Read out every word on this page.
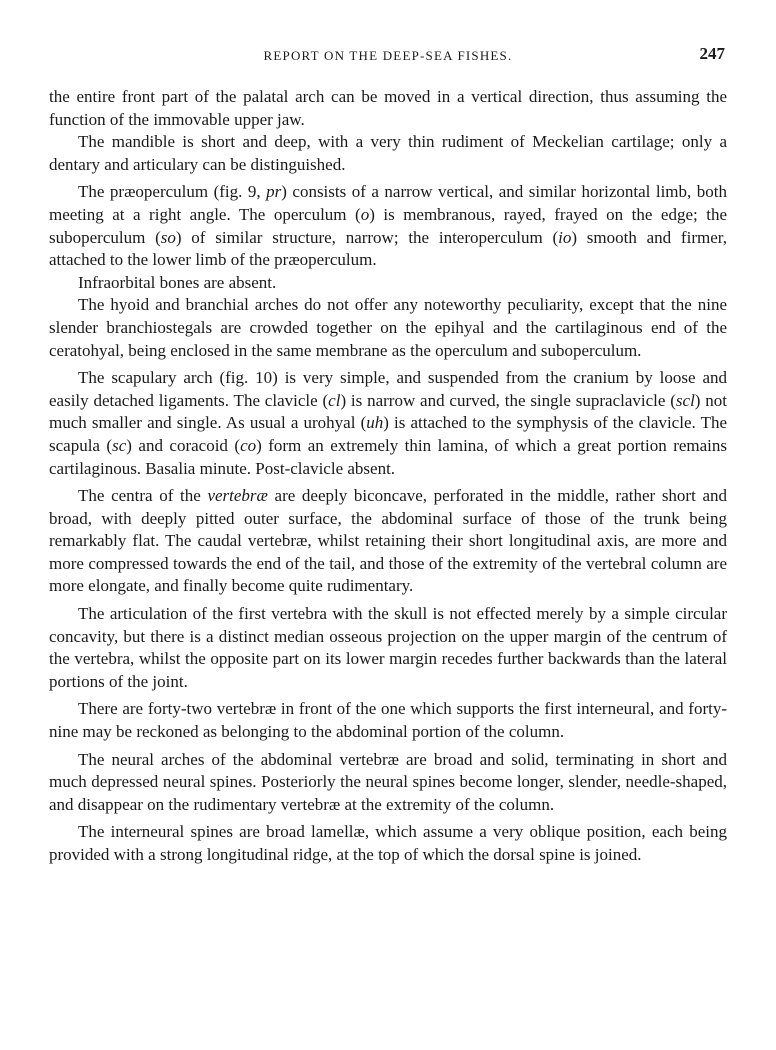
REPORT ON THE DEEP-SEA FISHES.	247

the entire front part of the palatal arch can be moved in a vertical direction, thus assuming the function of the immovable upper jaw.

The mandible is short and deep, with a very thin rudiment of Meckelian cartilage; only a dentary and articulary can be distinguished.

The præoperculum (fig. 9, pr) consists of a narrow vertical, and similar horizontal limb, both meeting at a right angle. The operculum (o) is membranous, rayed, frayed on the edge; the suboperculum (so) of similar structure, narrow; the interoperculum (io) smooth and firmer, attached to the lower limb of the præoperculum.

Infraorbital bones are absent.

The hyoid and branchial arches do not offer any noteworthy peculiarity, except that the nine slender branchiostegals are crowded together on the epihyal and the cartilaginous end of the ceratohyal, being enclosed in the same membrane as the operculum and suboperculum.

The scapulary arch (fig. 10) is very simple, and suspended from the cranium by loose and easily detached ligaments. The clavicle (cl) is narrow and curved, the single supraclavicle (scl) not much smaller and single. As usual a urohyal (uh) is attached to the symphysis of the clavicle. The scapula (sc) and coracoid (co) form an extremely thin lamina, of which a great portion remains cartilaginous. Basalia minute. Post-clavicle absent.

The centra of the vertebræ are deeply biconcave, perforated in the middle, rather short and broad, with deeply pitted outer surface, the abdominal surface of those of the trunk being remarkably flat. The caudal vertebræ, whilst retaining their short longitudinal axis, are more and more compressed towards the end of the tail, and those of the extremity of the vertebral column are more elongate, and finally become quite rudimentary.

The articulation of the first vertebra with the skull is not effected merely by a simple circular concavity, but there is a distinct median osseous projection on the upper margin of the centrum of the vertebra, whilst the opposite part on its lower margin recedes further backwards than the lateral portions of the joint.

There are forty-two vertebræ in front of the one which supports the first interneural, and forty-nine may be reckoned as belonging to the abdominal portion of the column.

The neural arches of the abdominal vertebræ are broad and solid, terminating in short and much depressed neural spines. Posteriorly the neural spines become longer, slender, needle-shaped, and disappear on the rudimentary vertebræ at the extremity of the column.

The interneural spines are broad lamellæ, which assume a very oblique position, each being provided with a strong longitudinal ridge, at the top of which the dorsal spine is joined.
